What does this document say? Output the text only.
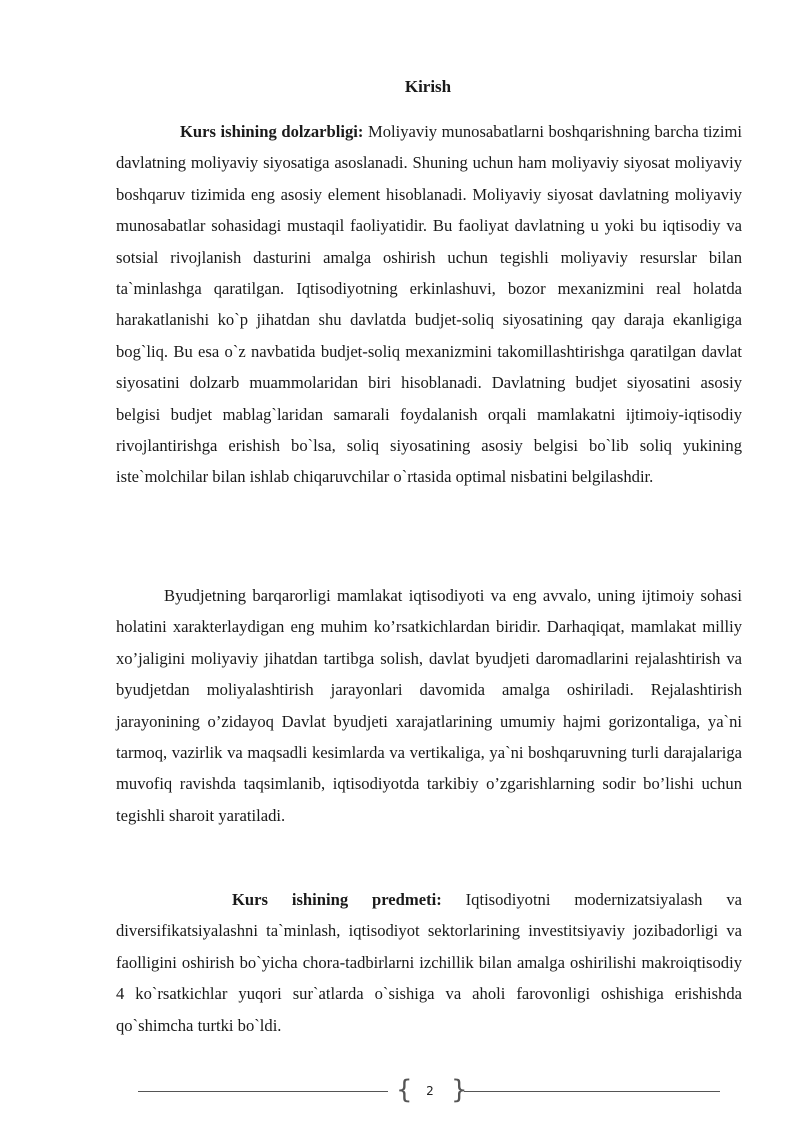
Kirish

Kurs ishining dolzarbligi: Moliyaviy munosabatlarni boshqarishning barcha tizimi davlatning moliyaviy siyosatiga asoslanadi. Shuning uchun ham moliyaviy siyosat moliyaviy boshqaruv tizimida eng asosiy element hisoblanadi. Moliyaviy siyosat davlatning moliyaviy munosabatlar sohasidagi mustaqil faoliyatidir. Bu faoliyat davlatning u yoki bu iqtisodiy va sotsial rivojlanish dasturini amalga oshirish uchun tegishli moliyaviy resurslar bilan ta`minlashga qaratilgan. Iqtisodiyotning erkinlashuvi, bozor mexanizmini real holatda harakatlanishi ko`p jihatdan shu davlatda budjet-soliq siyosatining qay daraja ekanligiga bog`liq. Bu esa o`z navbatida budjet-soliq mexanizmini takomillashtirishga qaratilgan davlat siyosatini dolzarb muammolaridan biri hisoblanadi. Davlatning budjet siyosatini asosiy belgisi budjet mablag`laridan samarali foydalanish orqali mamlakatni ijtimoiy-iqtisodiy rivojlantirishga erishish bo`lsa, soliq siyosatining asosiy belgisi bo`lib soliq yukining iste`molchilar bilan ishlab chiqaruvchilar o`rtasida optimal nisbatini belgilashdir.

Byudjetning barqarorligi mamlakat iqtisodiyoti va eng avvalo, uning ijtimoiy sohasi holatini xarakterlaydigan eng muhim ko’rsatkichlardan biridir. Darhaqiqat, mamlakat milliy xo’jaligini moliyaviy jihatdan tartibga solish, davlat byudjeti daromadlarini rejalashtirish va byudjetdan moliyalashtirish jarayonlari davomida amalga oshiriladi. Rejalashtirish jarayonining o’zidayoq Davlat byudjeti xarajatlarining umumiy hajmi gorizontaliga, ya`ni tarmoq, vazirlik va maqsadli kesimlarda va vertikaliga, ya`ni boshqaruvning turli darajalariga muvofiq ravishda taqsimlanib, iqtisodiyotda tarkibiy o’zgarishlarning sodir bo’lishi uchun tegishli sharoit yaratiladi.

Kurs ishining predmeti: Iqtisodiyotni modernizatsiyalash va diversifikatsiyalashni ta`minlash, iqtisodiyot sektorlarining investitsiyaviy jozibadorligi va faolligini oshirish bo`yicha chora-tadbirlarni izchillik bilan amalga oshirilishi makroiqtisodiy 4 ko`rsatkichlar yuqori sur`atlarda o`sishiga va aholi farovonligi oshishiga erishishda qo`shimcha turtki bo`ldi.

{	2 }
